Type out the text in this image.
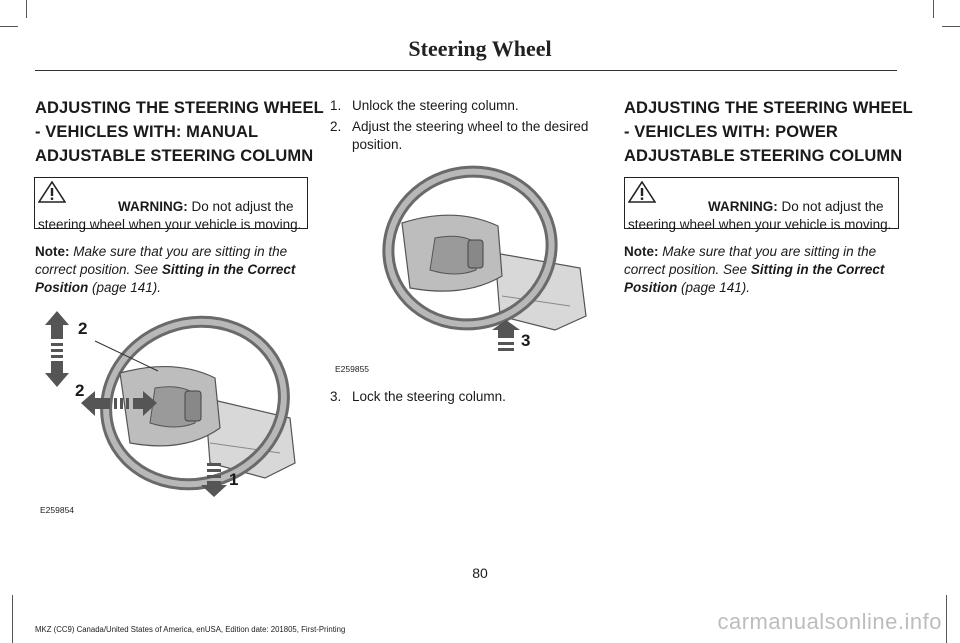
Steering Wheel

ADJUSTING THE STEERING WHEEL

- VEHICLES WITH: MANUAL

ADJUSTABLE STEERING COLUMN

WARNING: Do not adjust the steering wheel when your vehicle is moving.

Note: Make sure that you are sitting in the correct position. See Sitting in the Correct Position (page 141).

2
2
1
E259854
1. Unlock the steering column.
2. Adjust the steering wheel to the desired position.
3
E259855
3. Lock the steering column.

ADJUSTING THE STEERING WHEEL

- VEHICLES WITH: POWER

ADJUSTABLE STEERING COLUMN

WARNING: Do not adjust the steering wheel when your vehicle is moving.

Note: Make sure that you are sitting in the correct position. See Sitting in the Correct Position (page 141).

80
MKZ (CC9) Canada/United States of America, enUSA, Edition date: 201805, First-Printing	carmanualsonline.info
